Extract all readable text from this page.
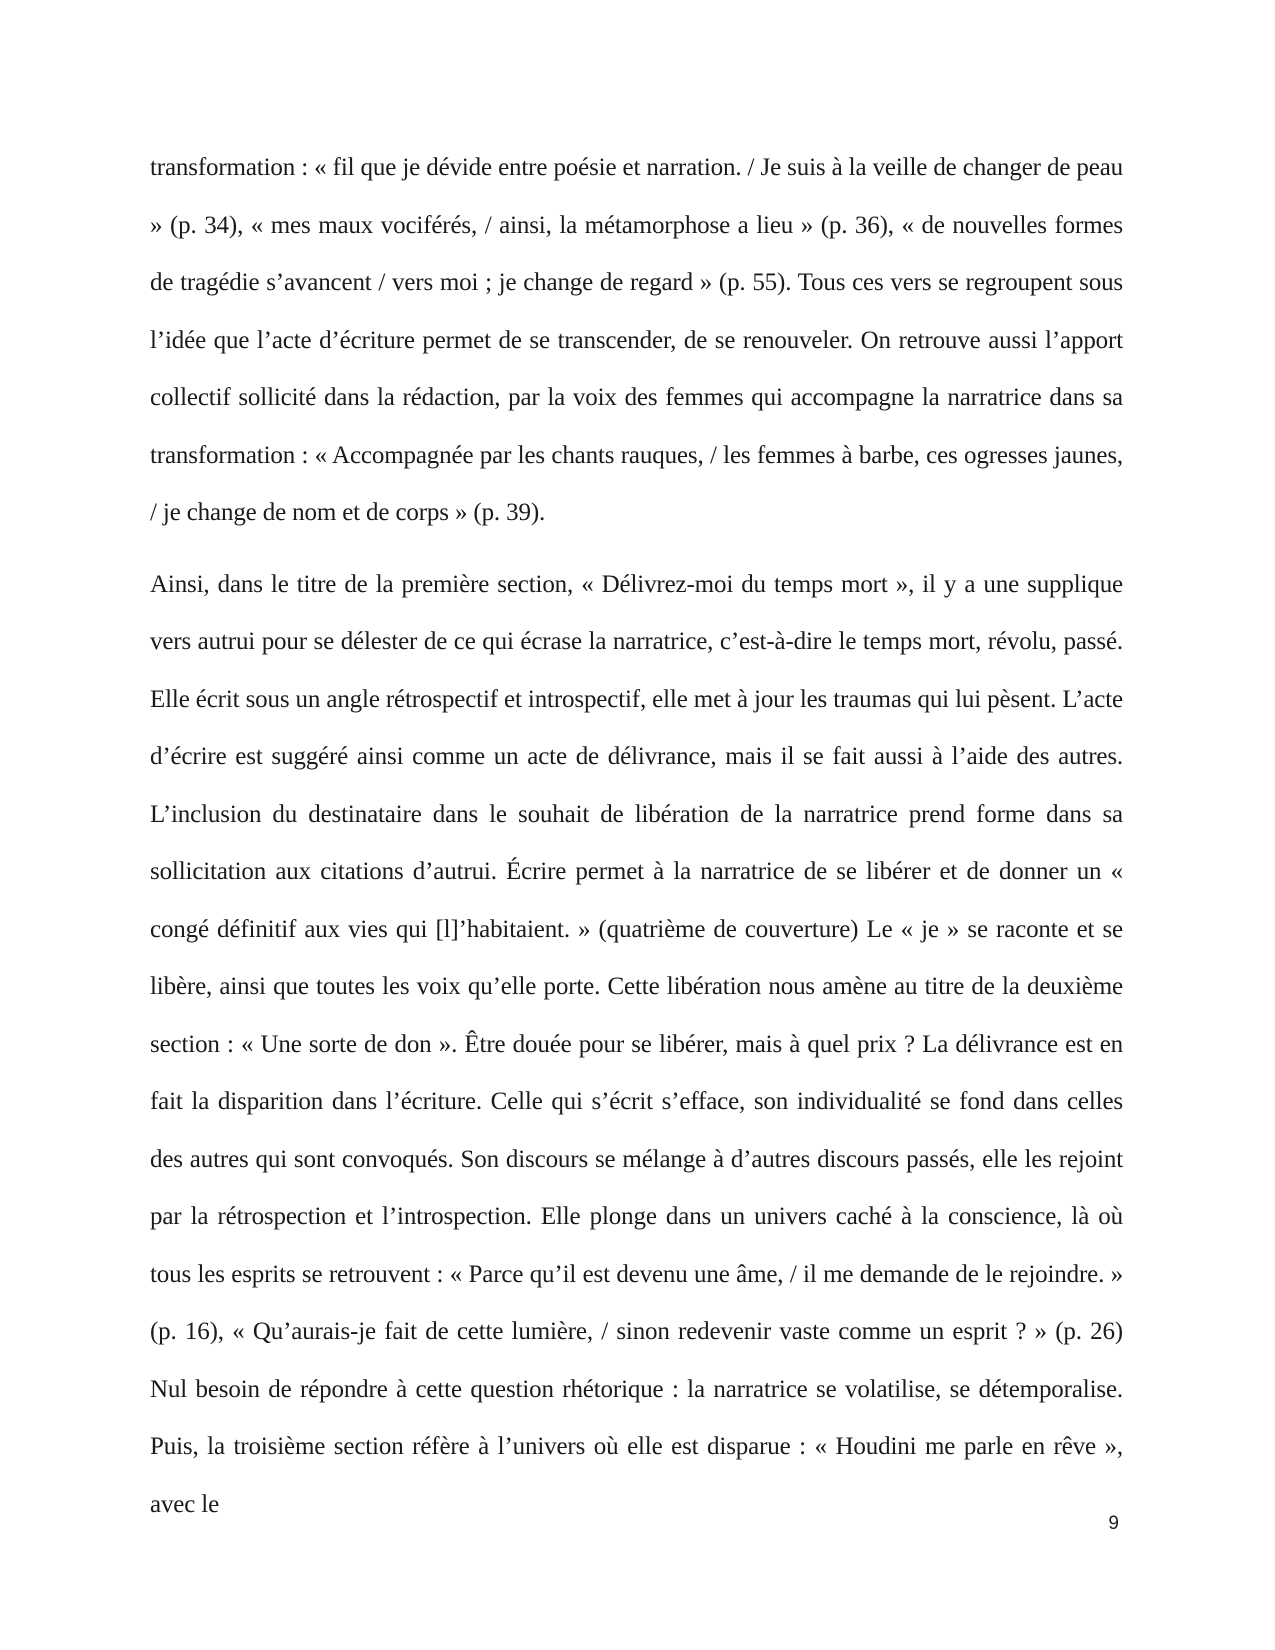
transformation : « fil que je dévide entre poésie et narration. / Je suis à la veille de changer de peau » (p. 34), « mes maux vociférés, / ainsi, la métamorphose a lieu » (p. 36), « de nouvelles formes de tragédie s’avancent / vers moi ; je change de regard » (p. 55). Tous ces vers se regroupent sous l’idée que l’acte d’écriture permet de se transcender, de se renouveler. On retrouve aussi l’apport collectif sollicité dans la rédaction, par la voix des femmes qui accompagne la narratrice dans sa transformation : « Accompagnée par les chants rauques, / les femmes à barbe, ces ogresses jaunes, / je change de nom et de corps » (p. 39).

Ainsi, dans le titre de la première section, « Délivrez-moi du temps mort », il y a une supplique vers autrui pour se délester de ce qui écrase la narratrice, c’est-à-dire le temps mort, révolu, passé. Elle écrit sous un angle rétrospectif et introspectif, elle met à jour les traumas qui lui pèsent. L’acte d’écrire est suggéré ainsi comme un acte de délivrance, mais il se fait aussi à l’aide des autres. L’inclusion du destinataire dans le souhait de libération de la narratrice prend forme dans sa sollicitation aux citations d’autrui. Écrire permet à la narratrice de se libérer et de donner un « congé définitif aux vies qui [l]’habitaient. » (quatrième de couverture) Le « je » se raconte et se libère, ainsi que toutes les voix qu’elle porte. Cette libération nous amène au titre de la deuxième section : « Une sorte de don ». Être douée pour se libérer, mais à quel prix ? La délivrance est en fait la disparition dans l’écriture. Celle qui s’écrit s’efface, son individualité se fond dans celles des autres qui sont convoqués. Son discours se mélange à d’autres discours passés, elle les rejoint par la rétrospection et l’introspection. Elle plonge dans un univers caché à la conscience, là où tous les esprits se retrouvent : « Parce qu’il est devenu une âme, / il me demande de le rejoindre. » (p. 16), « Qu’aurais-je fait de cette lumière, / sinon redevenir vaste comme un esprit ? » (p. 26) Nul besoin de répondre à cette question rhétorique : la narratrice se volatilise, se détemporalise. Puis, la troisième section réfère à l’univers où elle est disparue : « Houdini me parle en rêve », avec le

9
